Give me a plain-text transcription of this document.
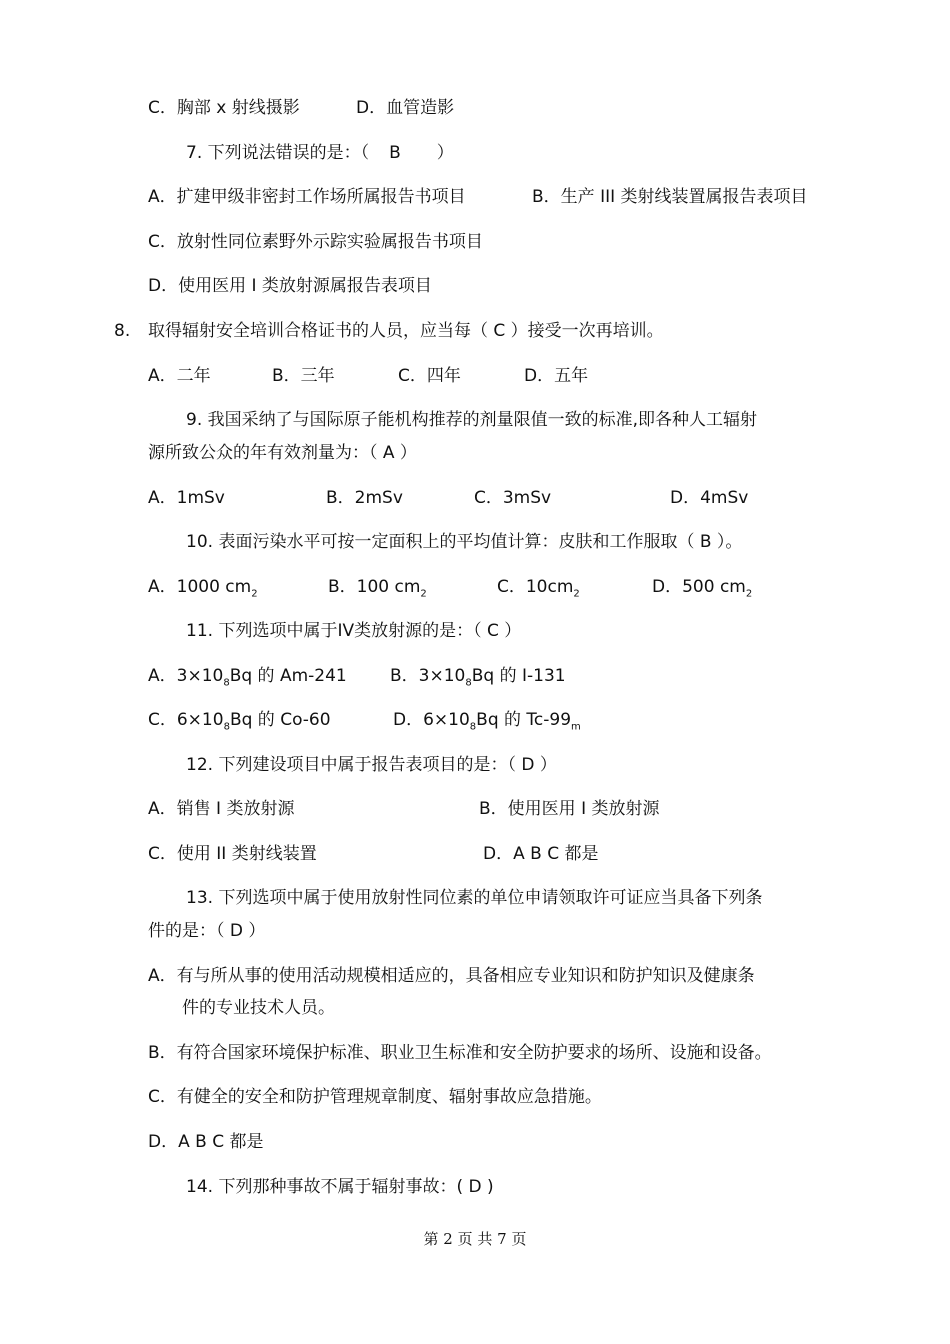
C．胸部 x 射线摄影	D．血管造影
7. 下列说法错误的是：（ B ）
A．扩建甲级非密封工作场所属报告书项目	B．生产 III 类射线装置属报告表项目
C．放射性同位素野外示踪实验属报告书项目
D．使用医用 I 类放射源属报告表项目
8. 取得辐射安全培训合格证书的人员，应当每（ C ）接受一次再培训。
A．二年	B．三年	C．四年	D．五年
9. 我国采纳了与国际原子能机构推荐的剂量限值一致的标准,即各种人工辐射
源所致公众的年有效剂量为：（ A ）
A．1mSv	B．2mSv	C．3mSv	D．4mSv
10. 表面污染水平可按一定面积上的平均值计算：皮肤和工作服取（ B ）。
A．1000 $cm_2$	B．100 $cm_2$	C．$10cm_2$	D．500 $cm_2$
11. 下列选项中属于IV类放射源的是：（ C ）
A．$3\times 10_8Bq$ 的 Am-241	B．$3\times 10_8Bq$ 的 I-131
C．$6\times 10_8Bq$ 的 Co-60	D．$6\times 10_8Bq$ 的 $Tc-99_m$
12. 下列建设项目中属于报告表项目的是：（ D ）
A．销售 I 类放射源	B．使用医用 I 类放射源
C．使用 II 类射线装置	D．A B C 都是
13. 下列选项中属于使用放射性同位素的单位申请领取许可证应当具备下列条
件的是：（ D ）
A．有与所从事的使用活动规模相适应的，具备相应专业知识和防护知识及健康条
件的专业技术人员。
B．有符合国家环境保护标准、职业卫生标准和安全防护要求的场所、设施和设备。
C．有健全的安全和防护管理规章制度、辐射事故应急措施。
D．A B C 都是
14. 下列那种事故不属于辐射事故：( D )
第 2 页 共 7 页
